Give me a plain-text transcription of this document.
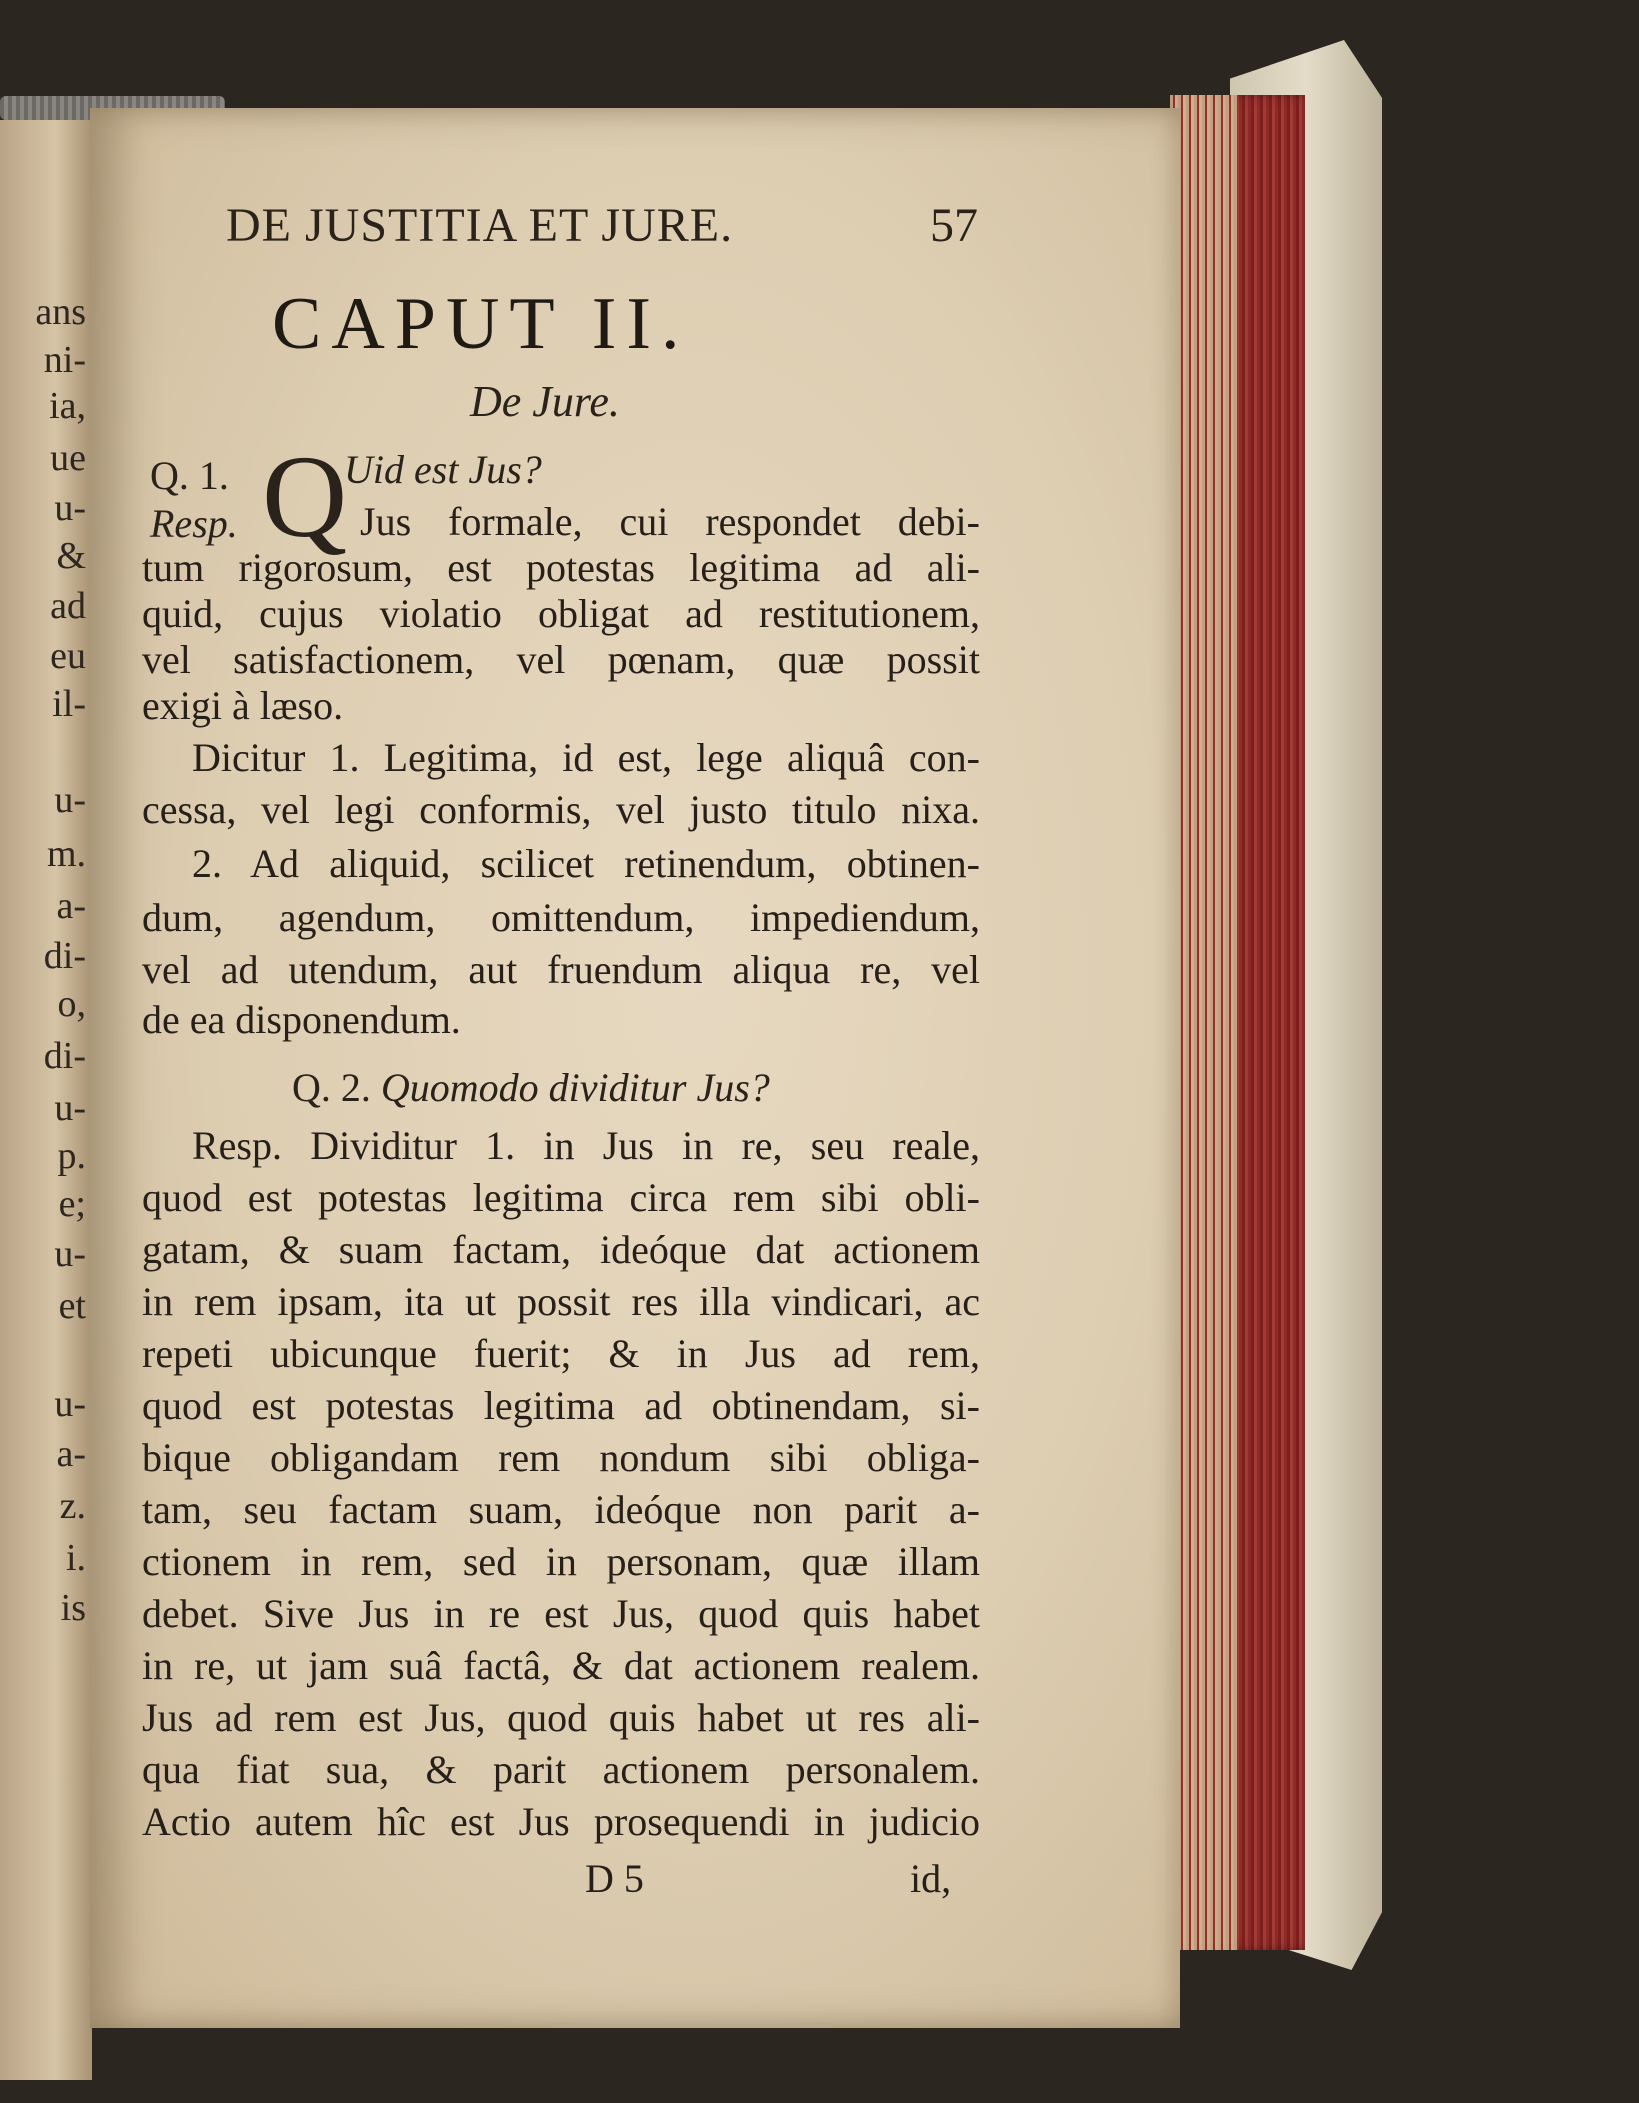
ans
ni-
ia,
ue
u-
&
ad
eu
il-
u-
m.
a-
di-
o,
di-
u-
p.
e;
u-
et
u-
a-
z.
i.
is
DE JUSTITIA ET JURE.	57
CAPUT II.
De Jure.
Q. 1. Q
Uid est Jus?
Resp.	Jus formale, cui respondet debi-
tum rigorosum, est potestas legitima ad ali-
quid, cujus violatio obligat ad restitutionem,
vel satisfactionem, vel pœnam, quæ possit
exigi à læso.
Dicitur 1. Legitima, id est, lege aliquâ con-
cessa, vel legi conformis, vel justo titulo nixa.
2. Ad aliquid, scilicet retinendum, obtinen-
dum, agendum, omittendum, impediendum,
vel ad utendum, aut fruendum aliqua re, vel
de ea disponendum.
Q. 2. Quomodo dividitur Jus?
Resp. Dividitur 1. in Jus in re, seu reale,
quod est potestas legitima circa rem sibi obli-
gatam, & suam factam, ideóque dat actionem
in rem ipsam, ita ut possit res illa vindicari, ac
repeti ubicunque fuerit; & in Jus ad rem,
quod est potestas legitima ad obtinendam, si-
bique obligandam rem nondum sibi obliga-
tam, seu factam suam, ideóque non parit a-
ctionem in rem, sed in personam, quæ illam
debet. Sive Jus in re est Jus, quod quis habet
in re, ut jam suâ factâ, & dat actionem realem.
Jus ad rem est Jus, quod quis habet ut res ali-
qua fiat sua, & parit actionem personalem.
Actio autem hîc est Jus prosequendi in judicio
D 5	id,
